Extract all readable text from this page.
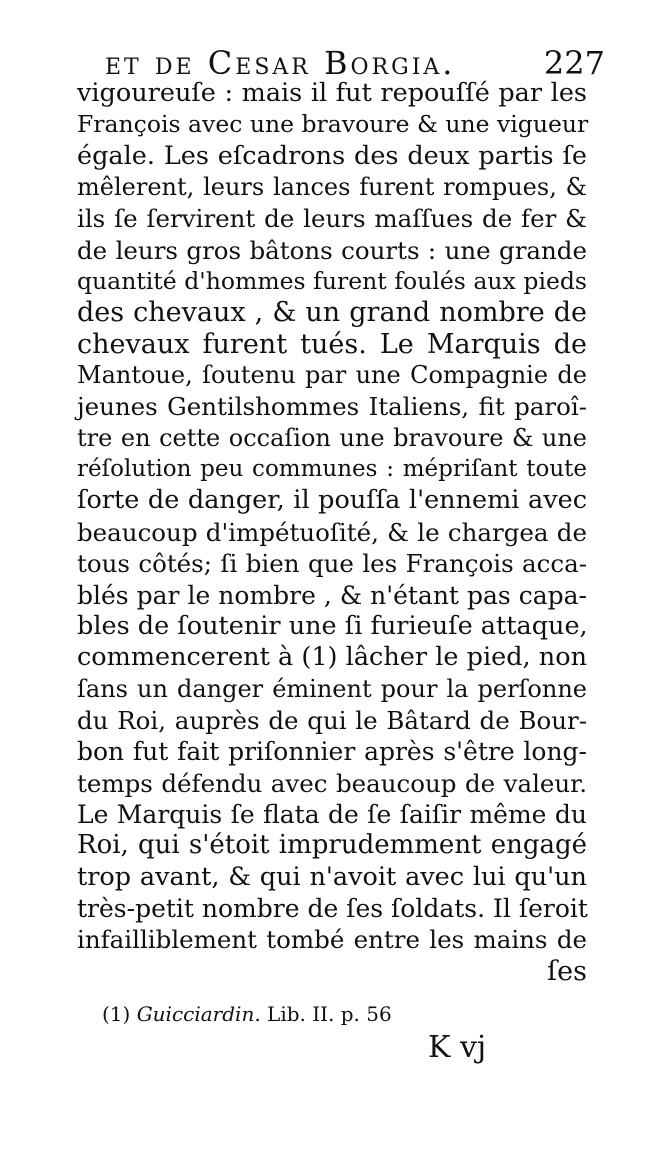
et de Cesar Borgia.	227
vigoureuſe : mais il fut repouſſé par les
François avec une bravoure & une vigueur
égale. Les eſcadrons des deux partis ſe
mêlerent, leurs lances furent rompues, &
ils ſe ſervirent de leurs maſſues de fer &
de leurs gros bâtons courts : une grande
quantité d'hommes furent foulés aux pieds
des chevaux , & un grand nombre de
chevaux furent tués. Le Marquis de
Mantoue, ſoutenu par une Compagnie de
jeunes Gentilshommes Italiens, fit paroî-
tre en cette occaſion une bravoure & une
réſolution peu communes : mépriſant toute
ſorte de danger, il pouſſa l'ennemi avec
beaucoup d'impétuoſité, & le chargea de
tous côtés; ſi bien que les François acca-
blés par le nombre , & n'étant pas capa-
bles de ſoutenir une ſi furieuſe attaque,
commencerent à (1) lâcher le pied, non
ſans un danger éminent pour la perſonne
du Roi, auprès de qui le Bâtard de Bour-
bon fut fait priſonnier après s'être long-
temps défendu avec beaucoup de valeur.
Le Marquis ſe flata de ſe ſaiſir même du
Roi, qui s'étoit imprudemment engagé
trop avant, & qui n'avoit avec lui qu'un
très-petit nombre de ſes ſoldats. Il ſeroit
infailliblement tombé entre les mains de
ſes
(1) Guicciardin. Lib. II. p. 56
K vj
